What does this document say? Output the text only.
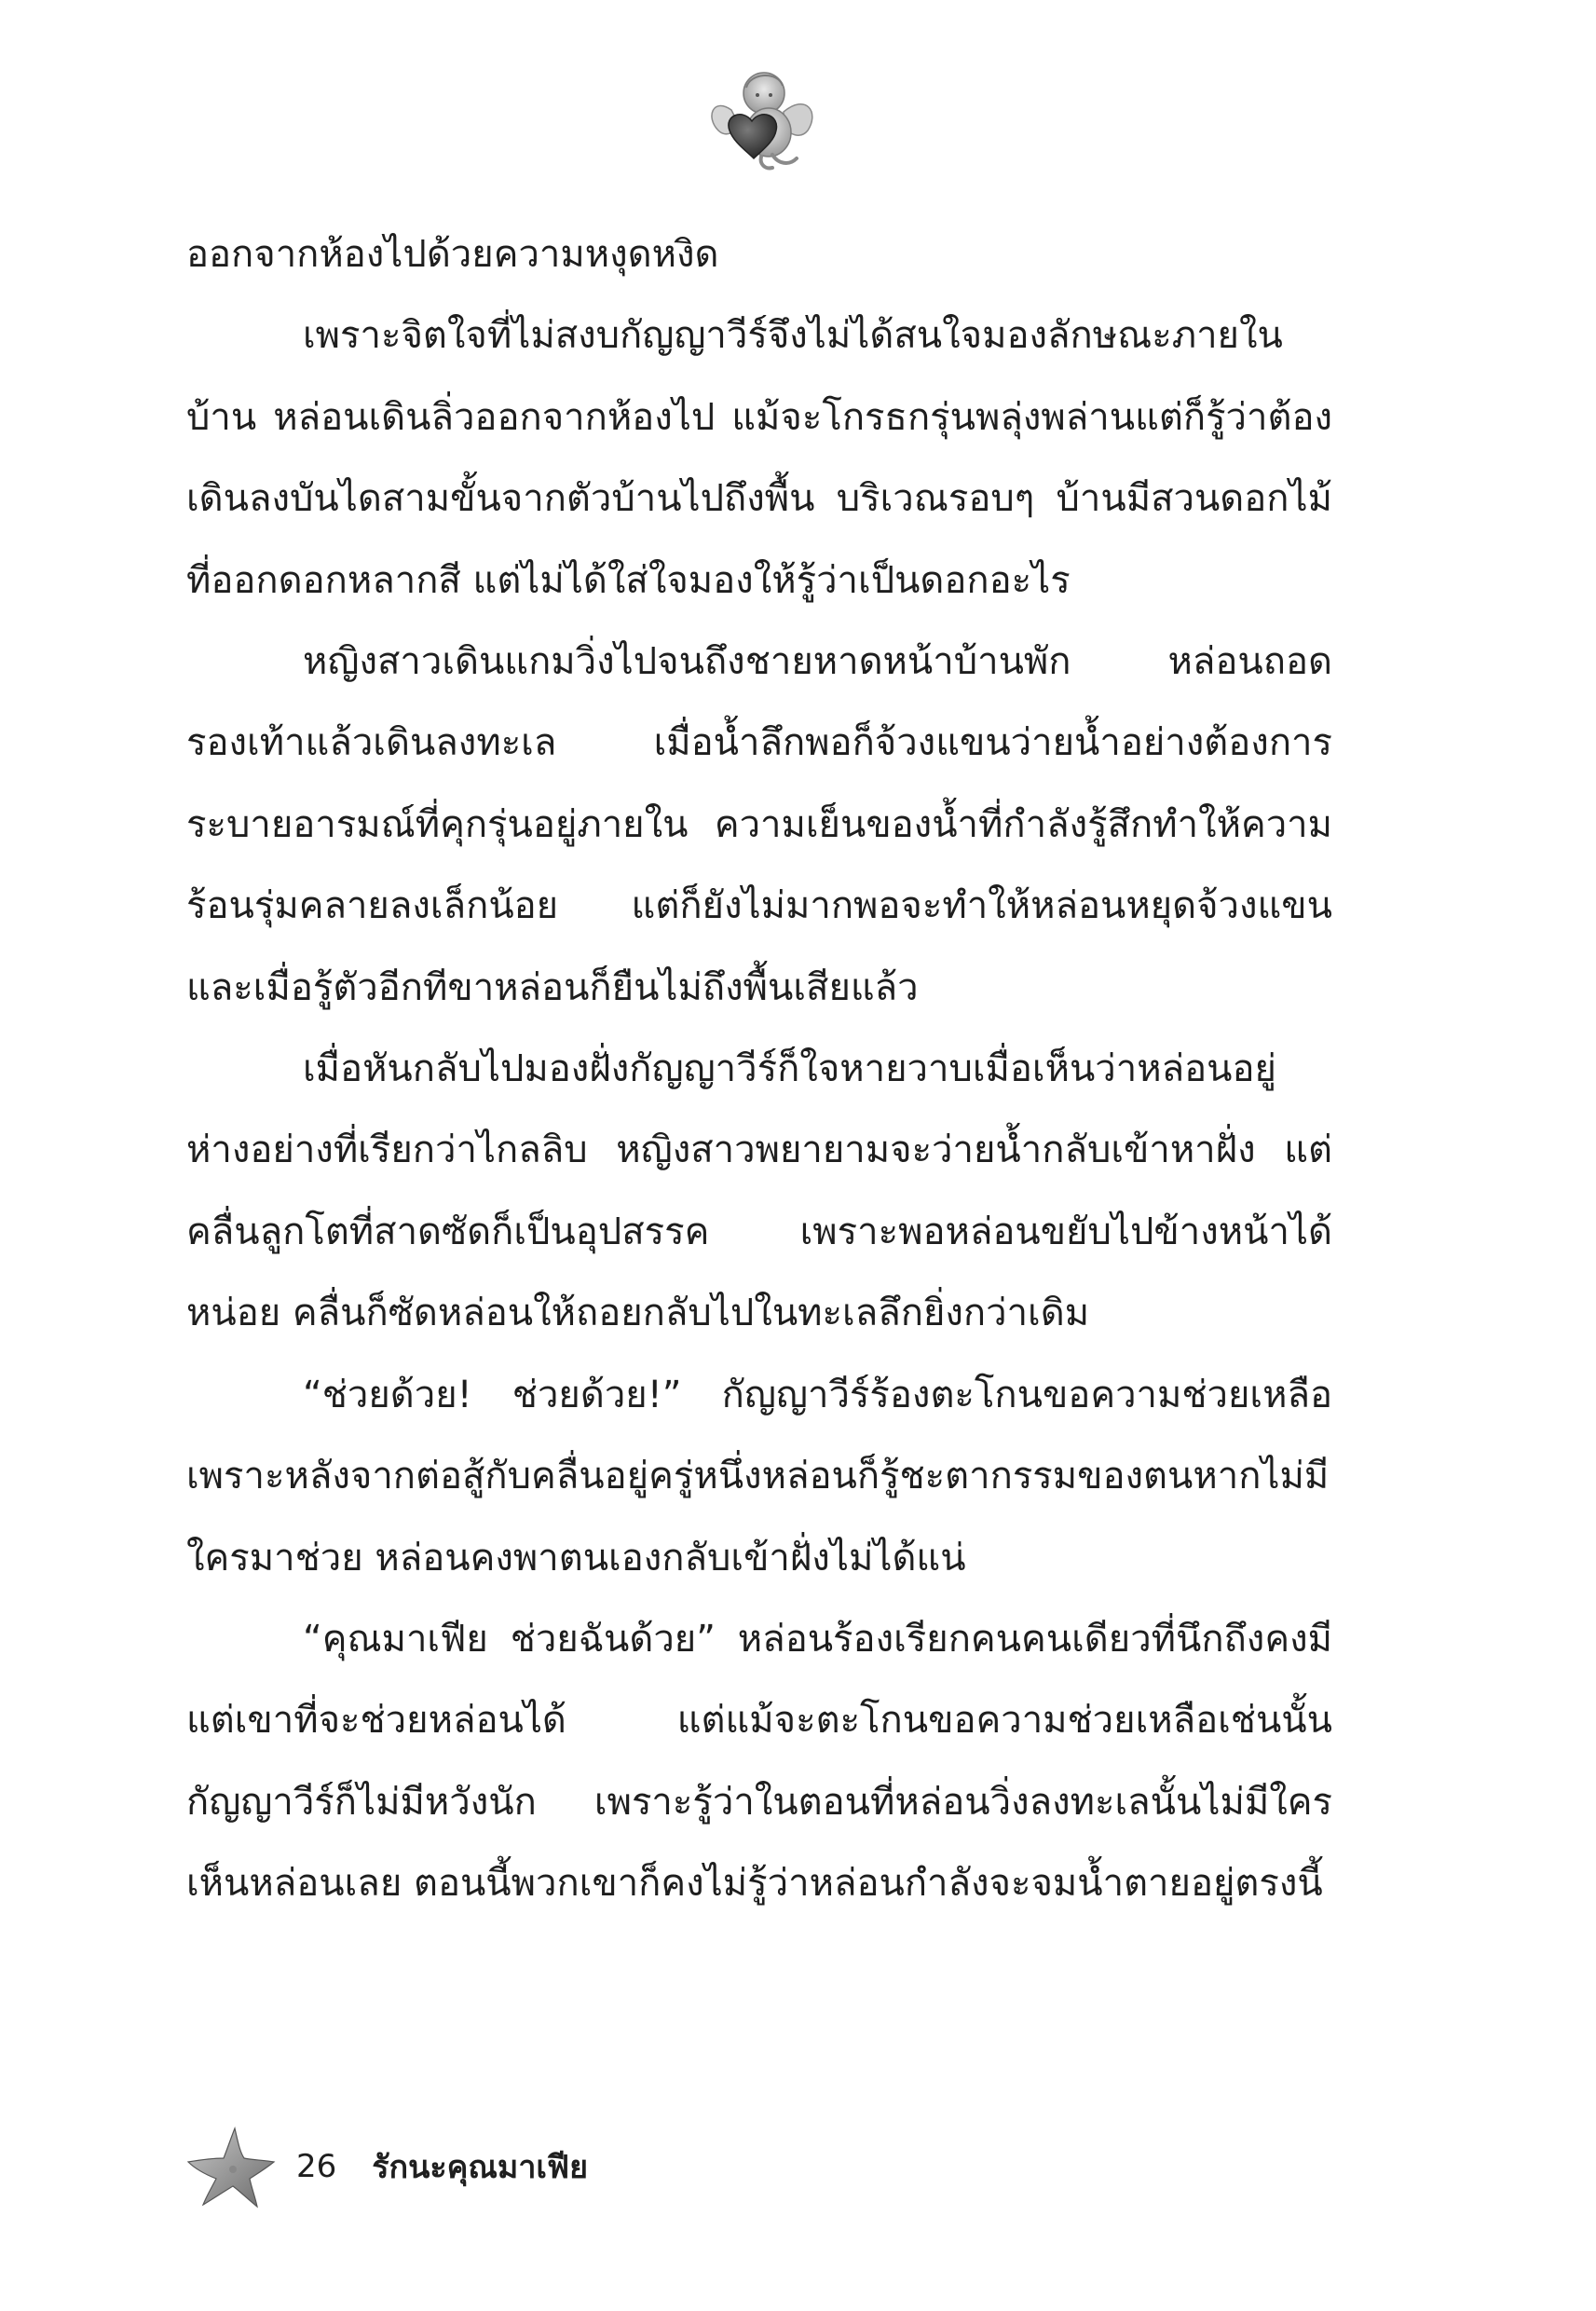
ออกจากห้องไปด้วยความหงุดหงิด

เพราะจิตใจที่ไม่สงบกัญญาวีร์จึงไม่ได้สนใจมองลักษณะภายในบ้าน หล่อนเดินลิ่วออกจากห้องไป แม้จะโกรธกรุ่นพลุ่งพล่านแต่ก็รู้ว่าต้องเดินลงบันไดสามขั้นจากตัวบ้านไปถึงพื้น บริเวณรอบๆ บ้านมีสวนดอกไม้ที่ออกดอกหลากสี แต่ไม่ได้ใส่ใจมองให้รู้ว่าเป็นดอกอะไร

หญิงสาวเดินแกมวิ่งไปจนถึงชายหาดหน้าบ้านพัก หล่อนถอดรองเท้าแล้วเดินลงทะเล เมื่อน้ำลึกพอก็จ้วงแขนว่ายน้ำอย่างต้องการระบายอารมณ์ที่คุกรุ่นอยู่ภายใน ความเย็นของน้ำที่กำลังรู้สึกทำให้ความร้อนรุ่มคลายลงเล็กน้อย แต่ก็ยังไม่มากพอจะทำให้หล่อนหยุดจ้วงแขน และเมื่อรู้ตัวอีกทีขาหล่อนก็ยืนไม่ถึงพื้นเสียแล้ว

เมื่อหันกลับไปมองฝั่งกัญญาวีร์ก็ใจหายวาบเมื่อเห็นว่าหล่อนอยู่ห่างอย่างที่เรียกว่าไกลลิบ หญิงสาวพยายามจะว่ายน้ำกลับเข้าหาฝั่ง แต่คลื่นลูกโตที่สาดซัดก็เป็นอุปสรรค เพราะพอหล่อนขยับไปข้างหน้าได้หน่อย คลื่นก็ซัดหล่อนให้ถอยกลับไปในทะเลลึกยิ่งกว่าเดิม

“ช่วยด้วย! ช่วยด้วย!” กัญญาวีร์ร้องตะโกนขอความช่วยเหลือเพราะหลังจากต่อสู้กับคลื่นอยู่ครู่หนึ่งหล่อนก็รู้ชะตากรรมของตนหากไม่มีใครมาช่วย หล่อนคงพาตนเองกลับเข้าฝั่งไม่ได้แน่

“คุณมาเฟีย ช่วยฉันด้วย” หล่อนร้องเรียกคนคนเดียวที่นึกถึงคงมีแต่เขาที่จะช่วยหล่อนได้ แต่แม้จะตะโกนขอความช่วยเหลือเช่นนั้น กัญญาวีร์ก็ไม่มีหวังนัก เพราะรู้ว่าในตอนที่หล่อนวิ่งลงทะเลนั้นไม่มีใครเห็นหล่อนเลย ตอนนี้พวกเขาก็คงไม่รู้ว่าหล่อนกำลังจะจมน้ำตายอยู่ตรงนี้

26 รักนะคุณมาเฟีย
